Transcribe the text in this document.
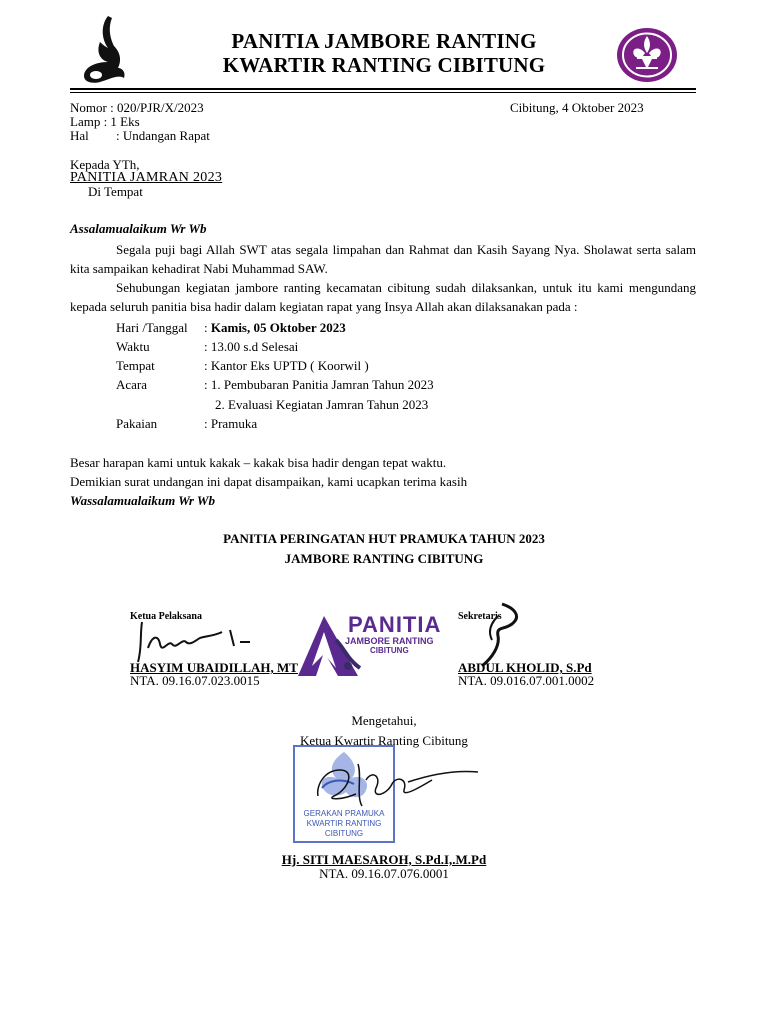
PANITIA JAMBORE RANTING
KWARTIR RANTING CIBITUNG
Nomor : 020/PJR/X/2023	Cibitung, 4 Oktober 2023
Lamp : 1 Eks
Hal : Undangan Rapat
Kepada YTh,
PANITIA JAMRAN 2023
Di Tempat
Assalamualaikum Wr Wb
Segala puji bagi Allah SWT atas segala limpahan dan Rahmat dan Kasih Sayang Nya. Sholawat serta salam kita sampaikan kehadirat Nabi Muhammad SAW.
Sehubungan kegiatan jambore ranting kecamatan cibitung sudah dilaksankan, untuk itu kami mengundang kepada seluruh panitia bisa hadir dalam kegiatan rapat yang Insya Allah akan dilaksanakan pada :
Hari /Tanggal : Kamis, 05 Oktober 2023
Waktu	: 13.00 s.d Selesai
Tempat	: Kantor Eks UPTD ( Koorwil )
Acara	: 1. Pembubaran Panitia Jamran Tahun 2023
2. Evaluasi Kegiatan Jamran Tahun 2023
Pakaian	: Pramuka
Besar harapan kami untuk kakak – kakak bisa hadir dengan tepat waktu.
Demikian surat undangan ini dapat disampaikan, kami ucapkan terima kasih
Wassalamualaikum Wr Wb
PANITIA PERINGATAN HUT PRAMUKA TAHUN 2023
JAMBORE RANTING CIBITUNG
Ketua Pelaksana
HASYIM UBAIDILLAH, MT
NTA. 09.16.07.023.0015
PANITIA
JAMBORE RANTING
CIBITUNG
Sekretaris
ABDUL KHOLID, S.Pd
NTA. 09.016.07.001.0002
Mengetahui,
Ketua Kwartir Ranting Cibitung
GERAKAN PRAMUKA
KWARTIR RANTING
CIBITUNG
Hj. SITI MAESAROH, S.Pd.I,.M.Pd
NTA. 09.16.07.076.0001
